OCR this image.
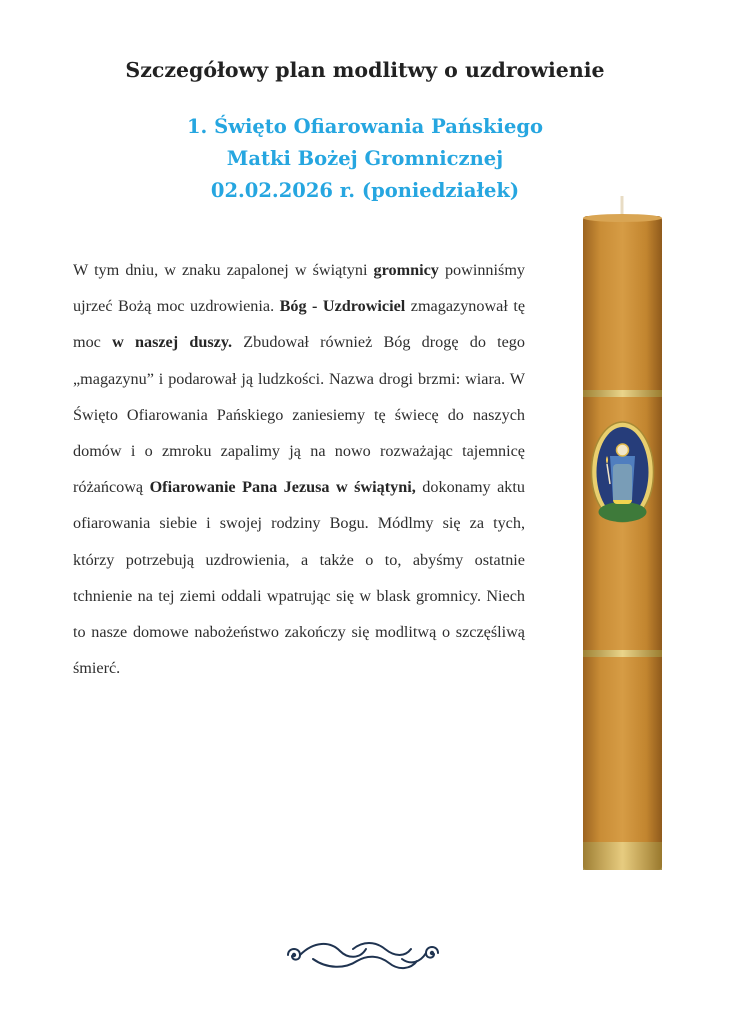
Szczegółowy plan modlitwy o uzdrowienie
1. Święto Ofiarowania Pańskiego
Matki Bożej Gromnicznej
02.02.2026 r. (poniedziałek)

W tym dniu, w znaku zapalonej w świątyni gromnicy powinniśmy ujrzeć Bożą moc uzdrowienia. Bóg - Uzdrowiciel zmagazynował tę moc w naszej duszy. Zbudował również Bóg drogę do tego „magazynu” i podarował ją ludzkości. Nazwa drogi brzmi: wiara. W Święto Ofiarowania Pańskiego zaniesiemy tę świecę do naszych domów i o zmroku zapalimy ją na nowo rozważając tajemnicę różańcową Ofiarowanie Pana Jezusa w świątyni, dokonamy aktu ofiarowania siebie i swojej rodziny Bogu. Módlmy się za tych, którzy potrzebują uzdrowienia, a także o to, abyśmy ostatnie tchnienie na tej ziemi oddali wpatrując się w blask gromnicy. Niech to nasze domowe nabożeństwo zakończy się modlitwą o szczęśliwą śmierć.
